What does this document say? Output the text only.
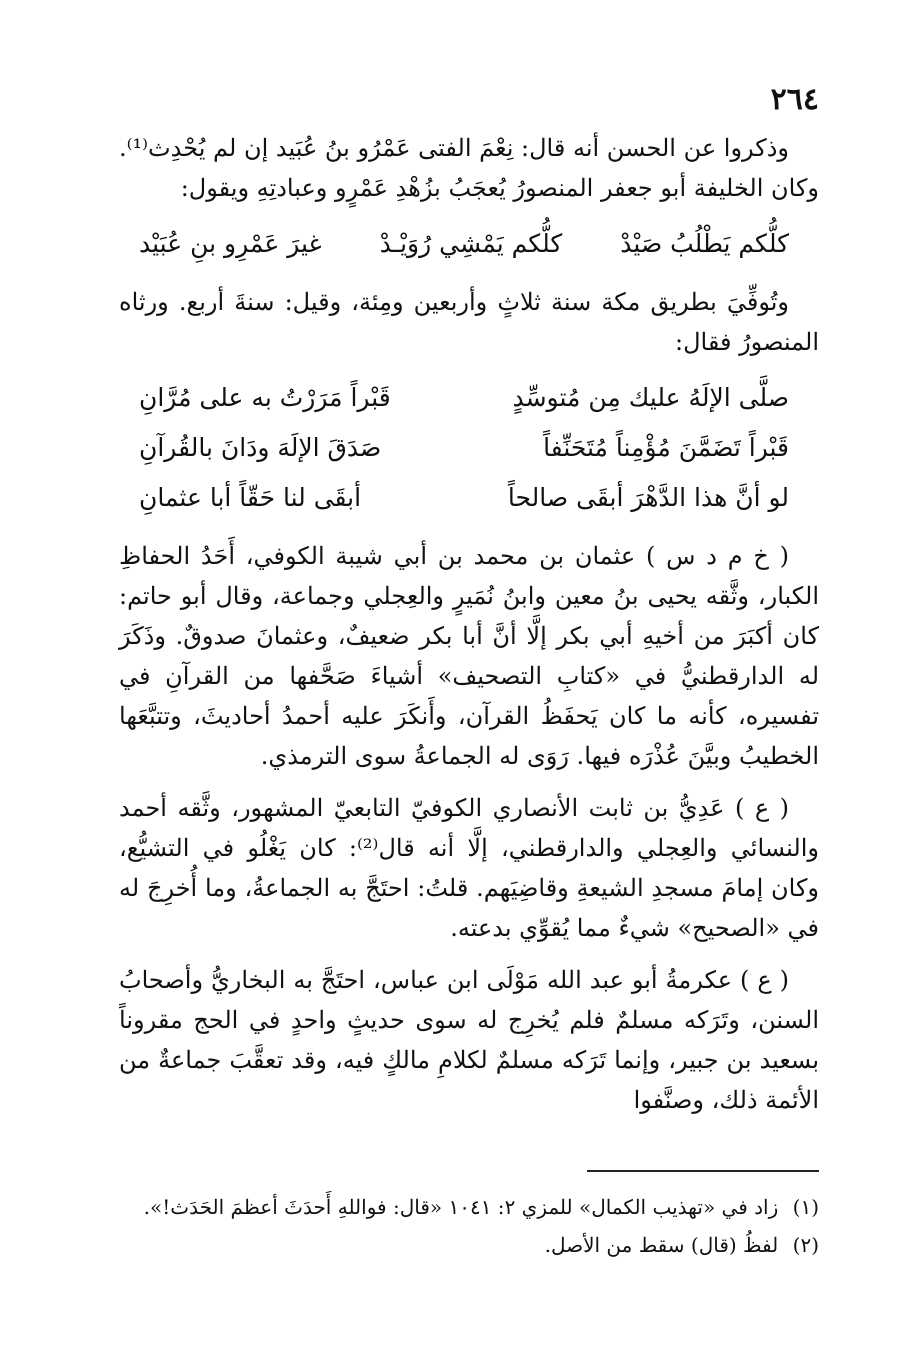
٢٦٤

وذكروا عن الحسن أنه قال: نِعْمَ الفتى عَمْرُو بنُ عُبَيد إن لم يُحْدِث⁽¹⁾. وكان الخليفة أبو جعفر المنصورُ يُعجَبُ بزُهْدِ عَمْرٍو وعبادتِهِ ويقول:

كلُّكم يَطْلُبُ صَيْدْ
كلُّكم يَمْشِي رُوَيْـدْ
غيرَ عَمْرِو بنِ عُبَيْد

وتُوفِّيَ بطريق مكة سنة ثلاثٍ وأربعين ومِئة، وقيل: سنةَ أربع. ورثاه المنصورُ فقال:

صلَّى الإلَهُ عليك مِن مُتوسِّدٍ
قَبْراً مَرَرْتُ به على مُرَّانِ
قَبْراً تَضَمَّنَ مُؤْمِناً مُتَحَنِّفاً
صَدَقَ الإلَهَ ودَانَ بالقُرآنِ
لو أنَّ هذا الدَّهْرَ أبقَى صالحاً
أبقَى لنا حَقّاً أبا عثمانِ

( خ م د س ) عثمان بن محمد بن أبي شيبة الكوفي، أَحَدُ الحفاظِ الكبار، وثَّقه يحيى بنُ معين وابنُ نُمَيرٍ والعِجلي وجماعة، وقال أبو حاتم: كان أكبَرَ من أخيهِ أبي بكر إلَّا أنَّ أبا بكر ضعيفٌ، وعثمانَ صدوقٌ. وذَكَرَ له الدارقطنيُّ في «كتابِ التصحيف» أشياءَ صَحَّفها من القرآنِ في تفسيره، كأنه ما كان يَحفَظُ القرآن، وأَنكَرَ عليه أحمدُ أحاديثَ، وتتبَّعَها الخطيبُ وبيَّنَ عُذْرَه فيها. رَوَى له الجماعةُ سوى الترمذي.

( ع ) عَدِيُّ بن ثابت الأنصاري الكوفيّ التابعيّ المشهور، وثَّقه أحمد والنسائي والعِجلي والدارقطني، إلَّا أنه قال⁽²⁾: كان يَغْلُو في التشيُّع، وكان إمامَ مسجدِ الشيعةِ وقاضِيَهم. قلتُ: احتَجَّ به الجماعةُ، وما أُخرِجَ له في «الصحيح» شيءٌ مما يُقوِّي بدعته.

( ع ) عكرمةُ أبو عبد الله مَوْلَى ابن عباس، احتَجَّ به البخاريُّ وأصحابُ السنن، وتَرَكه مسلمٌ فلم يُخرِج له سوى حديثٍ واحدٍ في الحج مقروناً بسعيد بن جبير، وإنما تَرَكه مسلمٌ لكلامِ مالكٍ فيه، وقد تعقَّبَ جماعةٌ من الأئمة ذلك، وصنَّفوا

(١) زاد في «تهذيب الكمال» للمزي ٢: ١٠٤١ «قال: فواللهِ أَحدَثَ أعظمَ الحَدَث!».

(٢) لفظُ (قال) سقط من الأصل.
